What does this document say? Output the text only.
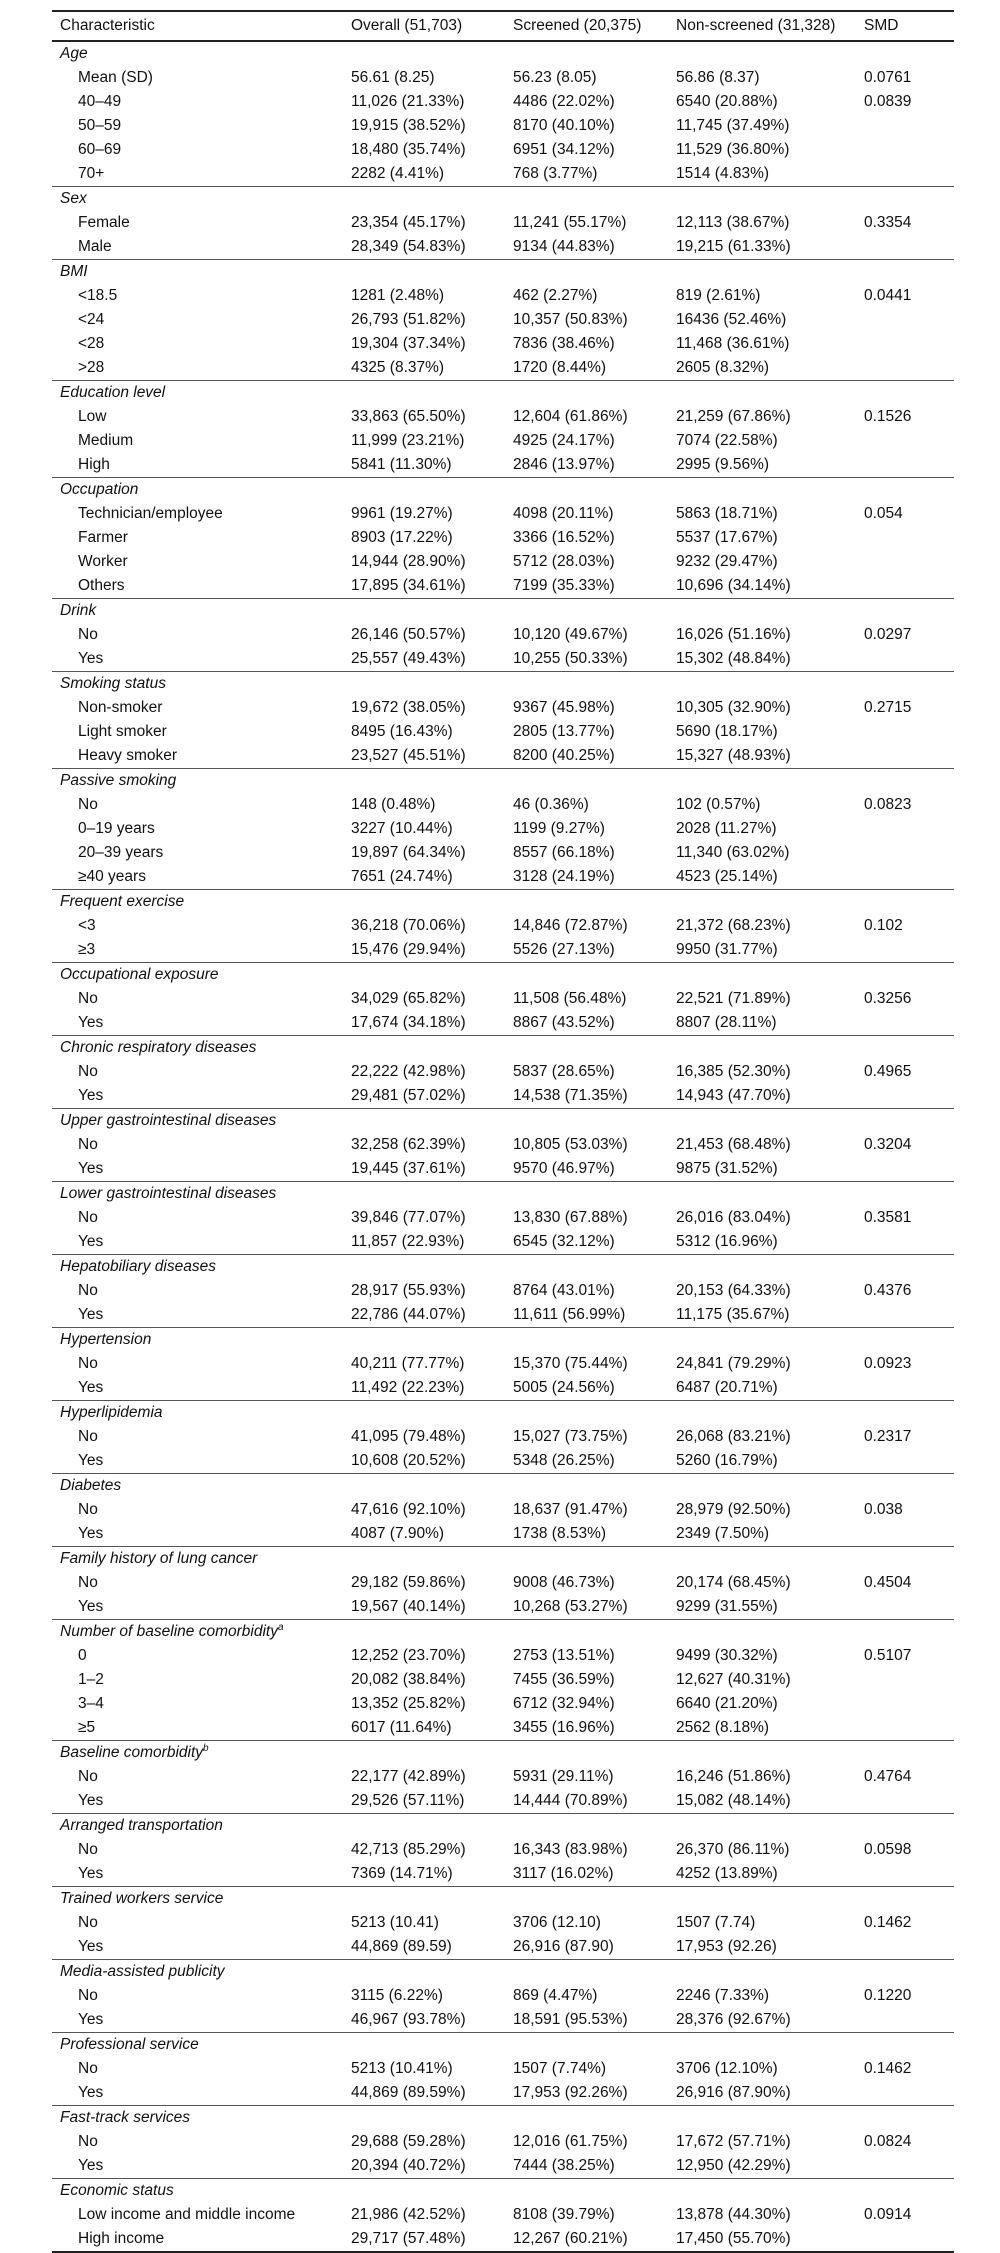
Characteristic	Overall (51,703)	Screened (20,375)	Non-screened (31,328)	SMD
Age				
Mean (SD)	56.61 (8.25)	56.23 (8.05)	56.86 (8.37)	0.0761
40–49	11,026 (21.33%)	4486 (22.02%)	6540 (20.88%)	0.0839
50–59	19,915 (38.52%)	8170 (40.10%)	11,745 (37.49%)	
60–69	18,480 (35.74%)	6951 (34.12%)	11,529 (36.80%)	
70+	2282 (4.41%)	768 (3.77%)	1514 (4.83%)	
Sex				
Female	23,354 (45.17%)	11,241 (55.17%)	12,113 (38.67%)	0.3354
Male	28,349 (54.83%)	9134 (44.83%)	19,215 (61.33%)	
BMI				
<18.5	1281 (2.48%)	462 (2.27%)	819 (2.61%)	0.0441
<24	26,793 (51.82%)	10,357 (50.83%)	16436 (52.46%)	
<28	19,304 (37.34%)	7836 (38.46%)	11,468 (36.61%)	
>28	4325 (8.37%)	1720 (8.44%)	2605 (8.32%)	
Education level				
Low	33,863 (65.50%)	12,604 (61.86%)	21,259 (67.86%)	0.1526
Medium	11,999 (23.21%)	4925 (24.17%)	7074 (22.58%)	
High	5841 (11.30%)	2846 (13.97%)	2995 (9.56%)	
Occupation				
Technician/employee	9961 (19.27%)	4098 (20.11%)	5863 (18.71%)	0.054
Farmer	8903 (17.22%)	3366 (16.52%)	5537 (17.67%)	
Worker	14,944 (28.90%)	5712 (28.03%)	9232 (29.47%)	
Others	17,895 (34.61%)	7199 (35.33%)	10,696 (34.14%)	
Drink				
No	26,146 (50.57%)	10,120 (49.67%)	16,026 (51.16%)	0.0297
Yes	25,557 (49.43%)	10,255 (50.33%)	15,302 (48.84%)	
Smoking status				
Non-smoker	19,672 (38.05%)	9367 (45.98%)	10,305 (32.90%)	0.2715
Light smoker	8495 (16.43%)	2805 (13.77%)	5690 (18.17%)	
Heavy smoker	23,527 (45.51%)	8200 (40.25%)	15,327 (48.93%)	
Passive smoking				
No	148 (0.48%)	46 (0.36%)	102 (0.57%)	0.0823
0–19 years	3227 (10.44%)	1199 (9.27%)	2028 (11.27%)	
20–39 years	19,897 (64.34%)	8557 (66.18%)	11,340 (63.02%)	
≥40 years	7651 (24.74%)	3128 (24.19%)	4523 (25.14%)	
Frequent exercise				
<3	36,218 (70.06%)	14,846 (72.87%)	21,372 (68.23%)	0.102
≥3	15,476 (29.94%)	5526 (27.13%)	9950 (31.77%)	
Occupational exposure				
No	34,029 (65.82%)	11,508 (56.48%)	22,521 (71.89%)	0.3256
Yes	17,674 (34.18%)	8867 (43.52%)	8807 (28.11%)	
Chronic respiratory diseases				
No	22,222 (42.98%)	5837 (28.65%)	16,385 (52.30%)	0.4965
Yes	29,481 (57.02%)	14,538 (71.35%)	14,943 (47.70%)	
Upper gastrointestinal diseases				
No	32,258 (62.39%)	10,805 (53.03%)	21,453 (68.48%)	0.3204
Yes	19,445 (37.61%)	9570 (46.97%)	9875 (31.52%)	
Lower gastrointestinal diseases				
No	39,846 (77.07%)	13,830 (67.88%)	26,016 (83.04%)	0.3581
Yes	11,857 (22.93%)	6545 (32.12%)	5312 (16.96%)	
Hepatobiliary diseases				
No	28,917 (55.93%)	8764 (43.01%)	20,153 (64.33%)	0.4376
Yes	22,786 (44.07%)	11,611 (56.99%)	11,175 (35.67%)	
Hypertension				
No	40,211 (77.77%)	15,370 (75.44%)	24,841 (79.29%)	0.0923
Yes	11,492 (22.23%)	5005 (24.56%)	6487 (20.71%)	
Hyperlipidemia				
No	41,095 (79.48%)	15,027 (73.75%)	26,068 (83.21%)	0.2317
Yes	10,608 (20.52%)	5348 (26.25%)	5260 (16.79%)	
Diabetes				
No	47,616 (92.10%)	18,637 (91.47%)	28,979 (92.50%)	0.038
Yes	4087 (7.90%)	1738 (8.53%)	2349 (7.50%)	
Family history of lung cancer				
No	29,182 (59.86%)	9008 (46.73%)	20,174 (68.45%)	0.4504
Yes	19,567 (40.14%)	10,268 (53.27%)	9299 (31.55%)	
Number of baseline comorbidity$^a$
0	12,252 (23.70%)	2753 (13.51%)	9499 (30.32%)	0.5107
1–2	20,082 (38.84%)	7455 (36.59%)	12,627 (40.31%)	
3–4	13,352 (25.82%)	6712 (32.94%)	6640 (21.20%)	
≥5	6017 (11.64%)	3455 (16.96%)	2562 (8.18%)	
Baseline comorbidity$^b$
No	22,177 (42.89%)	5931 (29.11%)	16,246 (51.86%)	0.4764
Yes	29,526 (57.11%)	14,444 (70.89%)	15,082 (48.14%)	
Arranged transportation				
No	42,713 (85.29%)	16,343 (83.98%)	26,370 (86.11%)	0.0598
Yes	7369 (14.71%)	3117 (16.02%)	4252 (13.89%)	
Trained workers service				
No	5213 (10.41)	3706 (12.10)	1507 (7.74)	0.1462
Yes	44,869 (89.59)	26,916 (87.90)	17,953 (92.26)	
Media-assisted publicity				
No	3115 (6.22%)	869 (4.47%)	2246 (7.33%)	0.1220
Yes	46,967 (93.78%)	18,591 (95.53%)	28,376 (92.67%)	
Professional service				
No	5213 (10.41%)	1507 (7.74%)	3706 (12.10%)	0.1462
Yes	44,869 (89.59%)	17,953 (92.26%)	26,916 (87.90%)	
Fast-track services				
No	29,688 (59.28%)	12,016 (61.75%)	17,672 (57.71%)	0.0824
Yes	20,394 (40.72%)	7444 (38.25%)	12,950 (42.29%)	
Economic status				
Low income and middle income	21,986 (42.52%)	8108 (39.79%)	13,878 (44.30%)	0.0914
High income	29,717 (57.48%)	12,267 (60.21%)	17,450 (55.70%)	
